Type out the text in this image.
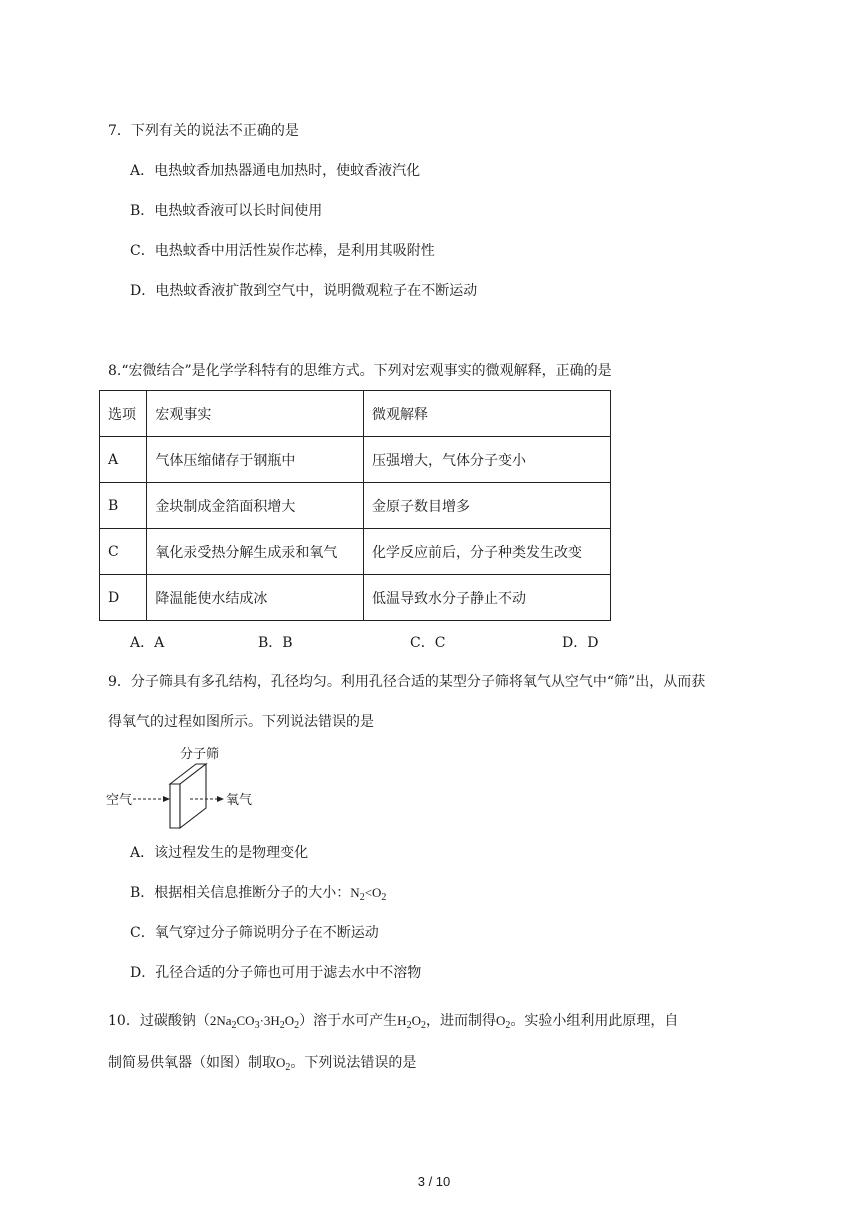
7．下列有关的说法不正确的是
A．电热蚊香加热器通电加热时，使蚊香液汽化
B．电热蚊香液可以长时间使用
C．电热蚊香中用活性炭作芯棒，是利用其吸附性
D．电热蚊香液扩散到空气中，说明微观粒子在不断运动
8.“宏微结合”是化学学科特有的思维方式。下列对宏观事实的微观解释，正确的是
选项	宏观事实	微观解释
A	气体压缩储存于钢瓶中	压强增大，气体分子变小
B	金块制成金箔面积增大	金原子数目增多
C	氧化汞受热分解生成汞和氧气	化学反应前后，分子种类发生改变
D	降温能使水结成冰	低温导致水分子静止不动
A．A	B．B	C．C	D．D
9．分子筛具有多孔结构，孔径均匀。利用孔径合适的某型分子筛将氧气从空气中“筛”出，从而获
得氧气的过程如图所示。下列说法错误的是
分子筛
空气	氧气
A．该过程发生的是物理变化
B．根据相关信息推断分子的大小：$N_2<O_2$
C．氧气穿过分子筛说明分子在不断运动
D．孔径合适的分子筛也可用于滤去水中不溶物
10．过碳酸钠$(2Na_2CO_3\cdot 3H_2O_2)$溶于水可产生$H_2O_2$，进而制得$O_2$。实验小组利用此原理，自
制简易供氧器（如图）制取$O_2$。下列说法错误的是
3 / 10
